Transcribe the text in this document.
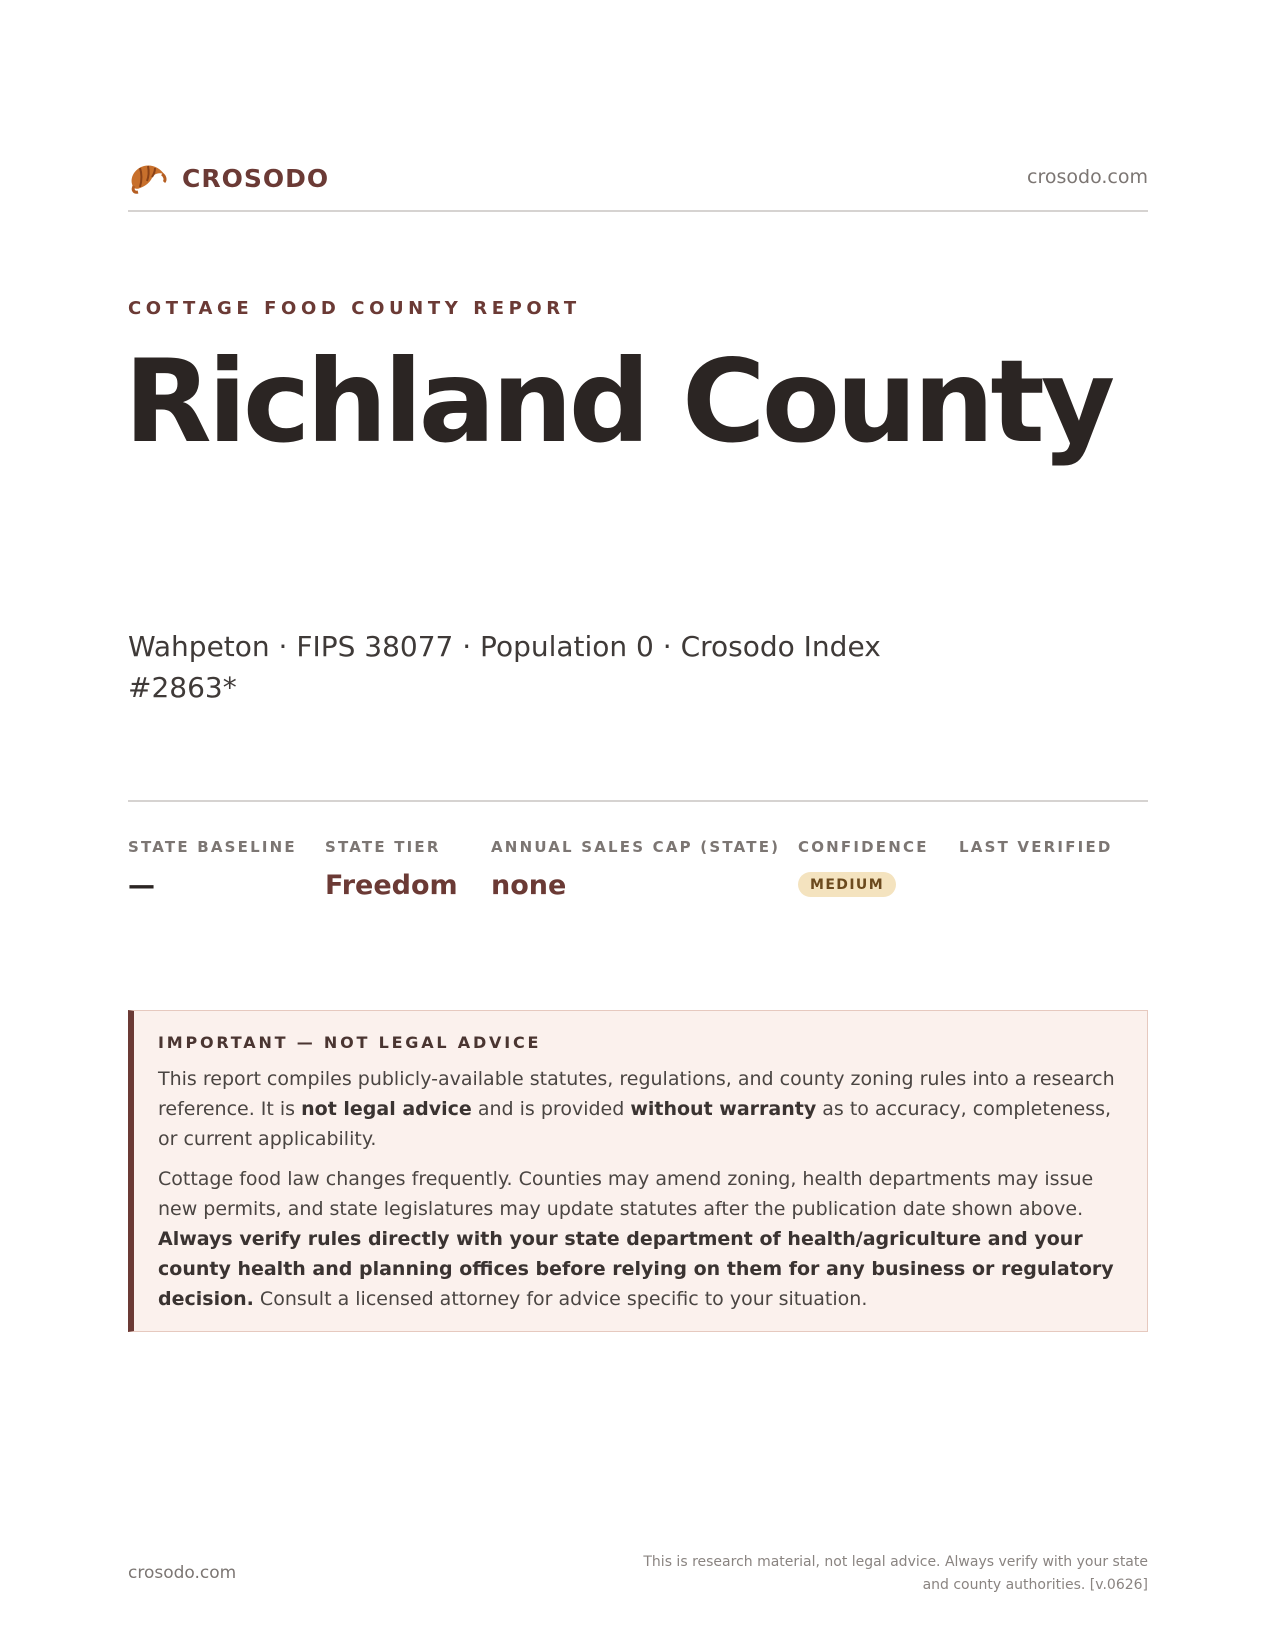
CROSODO	crosodo.com
COTTAGE FOOD COUNTY REPORT
Richland County
Wahpeton · FIPS 38077 · Population 0 · Crosodo Index #2863*
STATE BASELINE
—
STATE TIER
Freedom
ANNUAL SALES CAP (STATE)
none
CONFIDENCE
MEDIUM
LAST VERIFIED
IMPORTANT — NOT LEGAL ADVICE

This report compiles publicly-available statutes, regulations, and county zoning rules into a research reference. It is not legal advice and is provided without warranty as to accuracy, completeness, or current applicability.

Cottage food law changes frequently. Counties may amend zoning, health departments may issue new permits, and state legislatures may update statutes after the publication date shown above. Always verify rules directly with your state department of health/agriculture and your county health and planning offices before relying on them for any business or regulatory decision. Consult a licensed attorney for advice specific to your situation.

crosodo.com
This is research material, not legal advice. Always verify with your state and county authorities. [v.0626]
